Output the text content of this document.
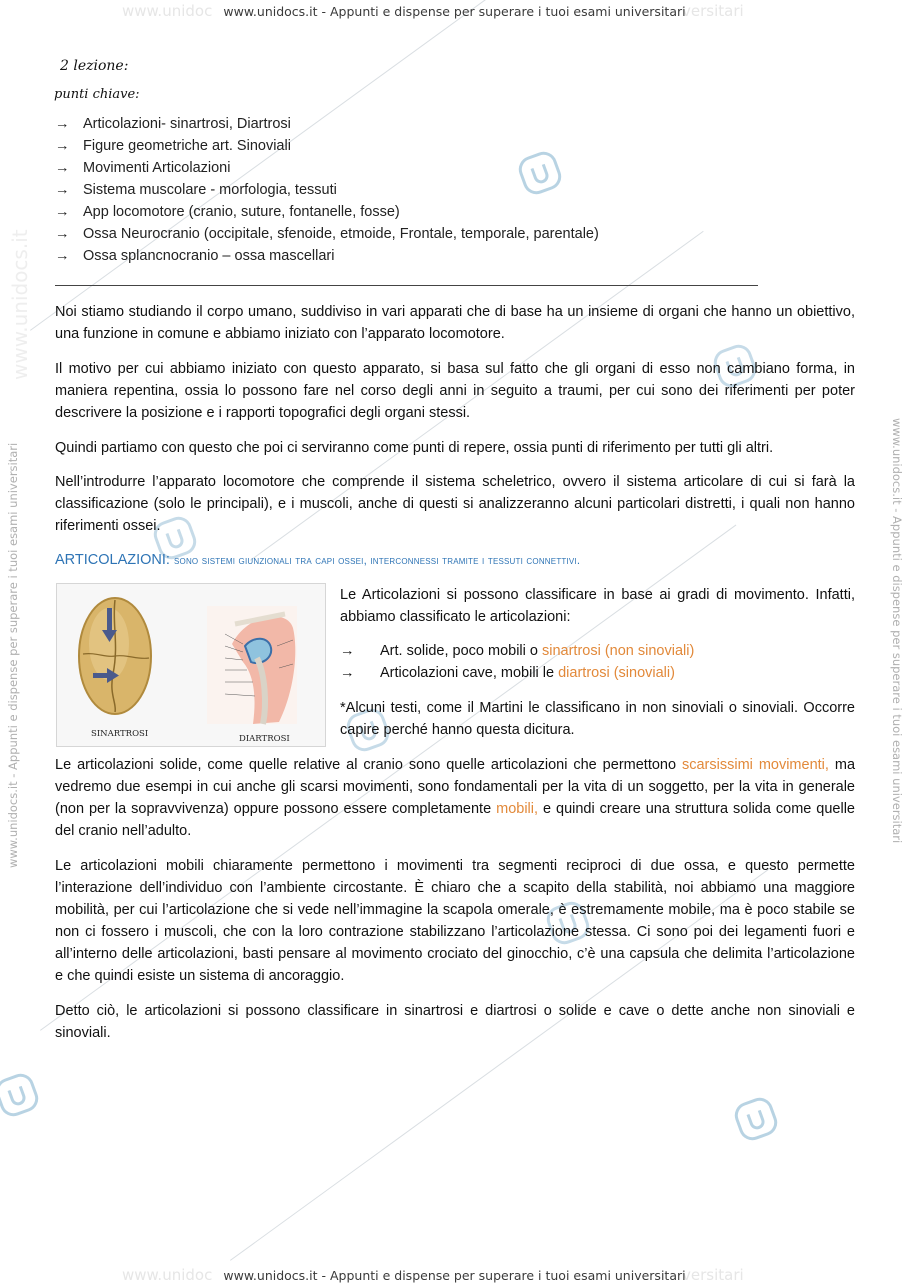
www.unidoc	versitari
www.unidocs.it - Appunti e dispense per superare i tuoi esami universitari
www.unidoc	versitari
www.unidocs.it - Appunti e dispense per superare i tuoi esami universitari
www.unidocs.it - Appunti e dispense per superare i tuoi esami universitari
www.unidocs.it
www.unidocs.it - Appunti e dispense per superare i tuoi esami universitari
2 lezione:
punti chiave:
→ Articolazioni- sinartrosi, Diartrosi
→ Figure geometriche art. Sinoviali
→ Movimenti Articolazioni
→ Sistema muscolare - morfologia, tessuti
→ App locomotore (cranio, suture, fontanelle, fosse)
→ Ossa Neurocranio (occipitale, sfenoide, etmoide, Frontale, temporale, parentale)
→ Ossa splancnocranio – ossa mascellari

Noi stiamo studiando il corpo umano, suddiviso in vari apparati che di base ha un insieme di organi che hanno un obiettivo, una funzione in comune e abbiamo iniziato con l’apparato locomotore.

Il motivo per cui abbiamo iniziato con questo apparato, si basa sul fatto che gli organi di esso non cambiano forma, in maniera repentina, ossia lo possono fare nel corso degli anni in seguito a traumi, per cui sono dei riferimenti per poter descrivere la posizione e i rapporti topografici degli organi stessi.

Quindi partiamo con questo che poi ci serviranno come punti di repere, ossia punti di riferimento per tutti gli altri.

Nell’introdurre l’apparato locomotore che comprende il sistema scheletrico, ovvero il sistema articolare di cui si farà la classificazione (solo le principali), e i muscoli, anche di questi si analizzeranno alcuni particolari distretti, i quali non hanno riferimenti ossei.

ARTICOLAZIONI: sono sistemi giunzionali tra capi ossei, interconnessi tramite i tessuti connettivi.
SINARTROSI	DIARTROSI

Le Articolazioni si possono classificare in base ai gradi di movimento. Infatti, abbiamo classificato le articolazioni:

→ Art. solide, poco mobili o sinartrosi (non sinoviali)
→ Articolazioni cave, mobili le diartrosi (sinoviali)

*Alcuni testi, come il Martini le classificano in non sinoviali o sinoviali. Occorre capire perché hanno questa dicitura.

Le articolazioni solide, come quelle relative al cranio sono quelle articolazioni che permettono scarsissimi movimenti, ma vedremo due esempi in cui anche gli scarsi movimenti, sono fondamentali per la vita di un soggetto, per la vita in generale (non per la sopravvivenza) oppure possono essere completamente mobili, e quindi creare una struttura solida come quelle del cranio nell’adulto.

Le articolazioni mobili chiaramente permettono i movimenti tra segmenti reciproci di due ossa, e questo permette l’interazione dell’individuo con l’ambiente circostante. È chiaro che a scapito della stabilità, noi abbiamo una maggiore mobilità, per cui l’articolazione che si vede nell’immagine la scapola omerale, è estremamente mobile, ma è poco stabile se non ci fossero i muscoli, che con la loro contrazione stabilizzano l’articolazione stessa. Ci sono poi dei legamenti fuori e all’interno delle articolazioni, basti pensare al movimento crociato del ginocchio, c’è una capsula che delimita l’articolazione e che quindi esiste un sistema di ancoraggio.

Detto ciò, le articolazioni si possono classificare in sinartrosi e diartrosi o solide e cave o dette anche non sinoviali e sinoviali.
